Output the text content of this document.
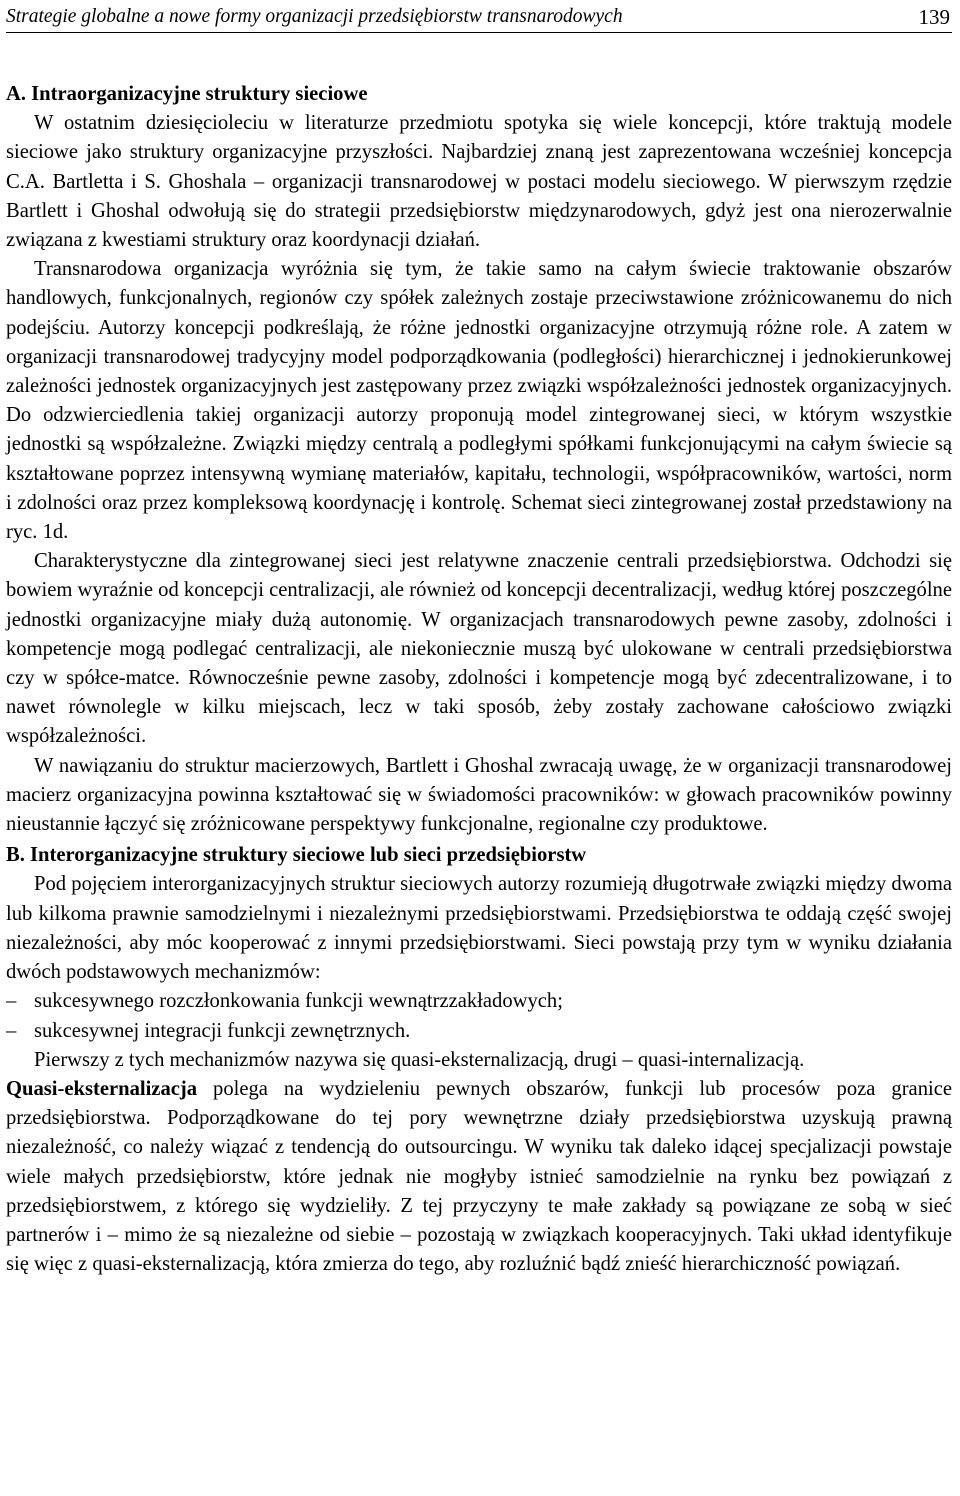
Strategie globalne a nowe formy organizacji przedsiębiorstw transnarodowych	139

A. Intraorganizacyjne struktury sieciowe

W ostatnim dziesięcioleciu w literaturze przedmiotu spotyka się wiele koncepcji, które traktują modele sieciowe jako struktury organizacyjne przyszłości. Najbardziej znaną jest zaprezentowana wcześniej koncepcja C.A. Bartletta i S. Ghoshala – organizacji transnarodowej w postaci modelu sieciowego. W pierwszym rzędzie Bartlett i Ghoshal odwołują się do strategii przedsiębiorstw międzynarodowych, gdyż jest ona nierozerwalnie związana z kwestiami struktury oraz koordynacji działań.

Transnarodowa organizacja wyróżnia się tym, że takie samo na całym świecie traktowanie obszarów handlowych, funkcjonalnych, regionów czy spółek zależnych zostaje przeciwstawione zróżnicowanemu do nich podejściu. Autorzy koncepcji podkreślają, że różne jednostki organizacyjne otrzymują różne role. A zatem w organizacji transnarodowej tradycyjny model podporządkowania (podległości) hierarchicznej i jednokierunkowej zależności jednostek organizacyjnych jest zastępowany przez związki współzależności jednostek organizacyjnych. Do odzwierciedlenia takiej organizacji autorzy proponują model zintegrowanej sieci, w którym wszystkie jednostki są współzależne. Związki między centralą a podległymi spółkami funkcjonującymi na całym świecie są kształtowane poprzez intensywną wymianę materiałów, kapitału, technologii, współpracowników, wartości, norm i zdolności oraz przez kompleksową koordynację i kontrolę. Schemat sieci zintegrowanej został przedstawiony na ryc. 1d.

Charakterystyczne dla zintegrowanej sieci jest relatywne znaczenie centrali przedsiębiorstwa. Odchodzi się bowiem wyraźnie od koncepcji centralizacji, ale również od koncepcji decentralizacji, według której poszczególne jednostki organizacyjne miały dużą autonomię. W organizacjach transnarodowych pewne zasoby, zdolności i kompetencje mogą podlegać centralizacji, ale niekoniecznie muszą być ulokowane w centrali przedsiębiorstwa czy w spółce-matce. Równocześnie pewne zasoby, zdolności i kompetencje mogą być zdecentralizowane, i to nawet równolegle w kilku miejscach, lecz w taki sposób, żeby zostały zachowane całościowo związki współzależności.

W nawiązaniu do struktur macierzowych, Bartlett i Ghoshal zwracają uwagę, że w organizacji transnarodowej macierz organizacyjna powinna kształtować się w świadomości pracowników: w głowach pracowników powinny nieustannie łączyć się zróżnicowane perspektywy funkcjonalne, regionalne czy produktowe.

B. Interorganizacyjne struktury sieciowe lub sieci przedsiębiorstw

Pod pojęciem interorganizacyjnych struktur sieciowych autorzy rozumieją długotrwałe związki między dwoma lub kilkoma prawnie samodzielnymi i niezależnymi przedsiębiorstwami. Przedsiębiorstwa te oddają część swojej niezależności, aby móc kooperować z innymi przedsiębiorstwami. Sieci powstają przy tym w wyniku działania dwóch podstawowych mechanizmów:

– sukcesywnego rozczłonkowania funkcji wewnątrzzakładowych;

– sukcesywnej integracji funkcji zewnętrznych.

Pierwszy z tych mechanizmów nazywa się quasi-eksternalizacją, drugi – quasi-internalizacją.

Quasi-eksternalizacja polega na wydzieleniu pewnych obszarów, funkcji lub procesów poza granice przedsiębiorstwa. Podporządkowane do tej pory wewnętrzne działy przedsiębiorstwa uzyskują prawną niezależność, co należy wiązać z tendencją do outsourcingu. W wyniku tak daleko idącej specjalizacji powstaje wiele małych przedsiębiorstw, które jednak nie mogłyby istnieć samodzielnie na rynku bez powiązań z przedsiębiorstwem, z którego się wydzieliły. Z tej przyczyny te małe zakłady są powiązane ze sobą w sieć partnerów i – mimo że są niezależne od siebie – pozostają w związkach kooperacyjnych. Taki układ identyfikuje się więc z quasi-eksternalizacją, która zmierza do tego, aby rozluźnić bądź znieść hierarchiczność powiązań.
